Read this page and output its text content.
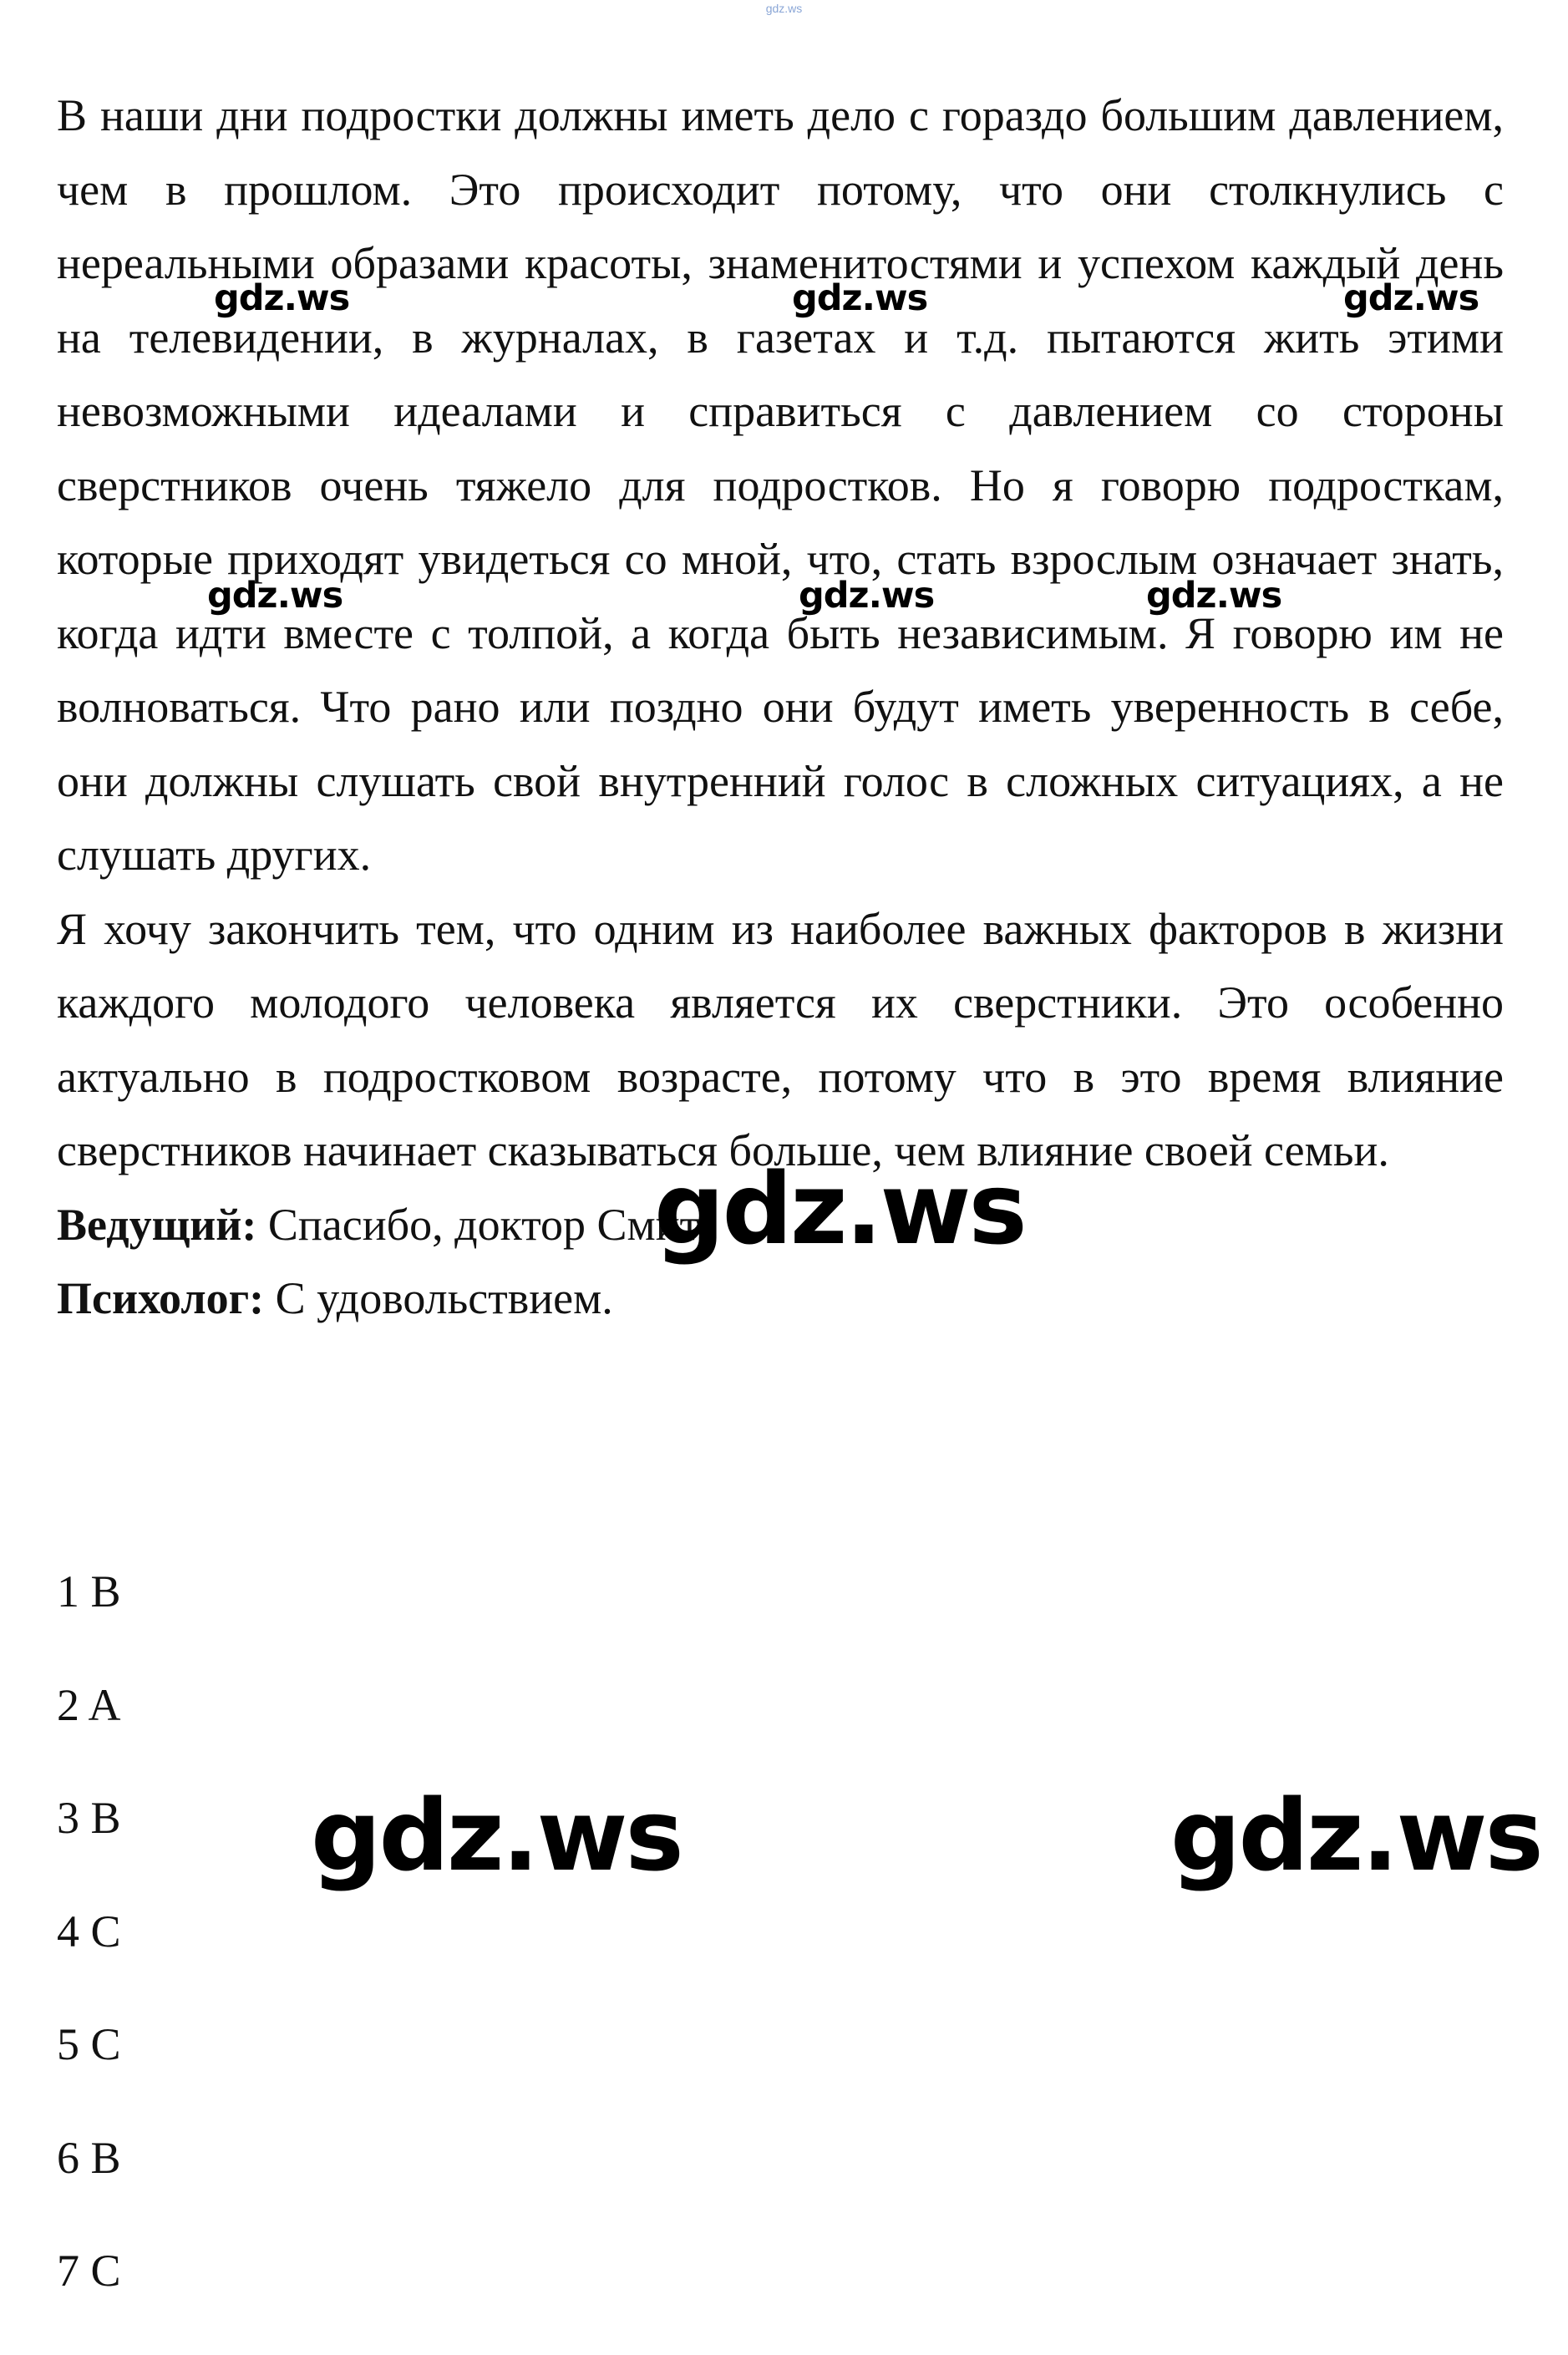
gdz.ws

В наши дни подростки должны иметь дело с гораздо большим давлением, чем в прошлом. Это происходит потому, что они столкнулись с нереальными образами красоты, знаменитостями и успехом каждый день на телевидении, в журналах, в газетах и т.д. пытаются жить этими невозможными идеалами и справиться с давлением со стороны сверстников очень тяжело для подростков. Но я говорю подросткам, которые приходят увидеться со мной, что, стать взрослым означает знать, когда идти вместе с толпой, а когда быть независимым. Я говорю им не волноваться. Что рано или поздно они будут иметь уверенность в себе, они должны слушать свой внутренний голос в сложных ситуациях, а не слушать других.

Я хочу закончить тем, что одним из наиболее важных факторов в жизни каждого молодого человека является их сверстники. Это особенно актуально в подростковом возрасте, потому что в это время влияние сверстников начинает сказываться больше, чем влияние своей семьи.

Ведущий: Спасибо, доктор Смит.

Психолог: С удовольствием.

1 B
2 A
3 B
4 C
5 C
6 B
7 C
gdz.ws	gdz.ws	gdz.ws
gdz.ws	gdz.ws	gdz.ws
gdz.ws
gdz.ws	gdz.ws
